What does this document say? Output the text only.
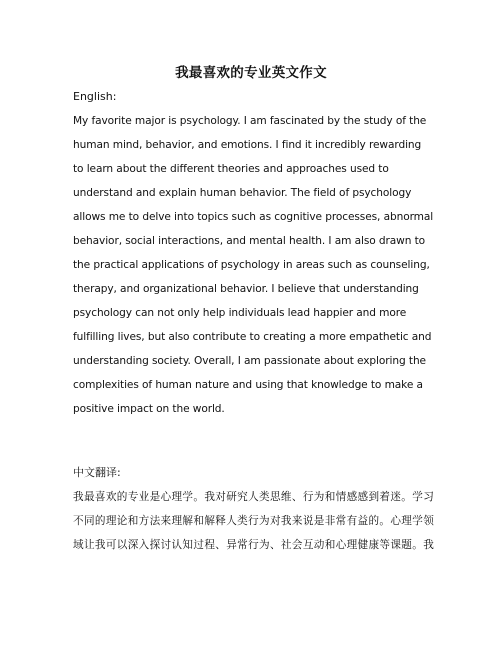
我最喜欢的专业英文作文
English:
My favorite major is psychology. I am fascinated by the study of the
human mind, behavior, and emotions. I find it incredibly rewarding
to learn about the different theories and approaches used to
understand and explain human behavior. The field of psychology
allows me to delve into topics such as cognitive processes, abnormal
behavior, social interactions, and mental health. I am also drawn to
the practical applications of psychology in areas such as counseling,
therapy, and organizational behavior. I believe that understanding
psychology can not only help individuals lead happier and more
fulfilling lives, but also contribute to creating a more empathetic and
understanding society. Overall, I am passionate about exploring the
complexities of human nature and using that knowledge to make a
positive impact on the world.
中文翻译:
我最喜欢的专业是心理学。我对研究人类思维、行为和情感感到着迷。学习
不同的理论和方法来理解和解释人类行为对我来说是非常有益的。心理学领
域让我可以深入探讨认知过程、异常行为、社会互动和心理健康等课题。我
